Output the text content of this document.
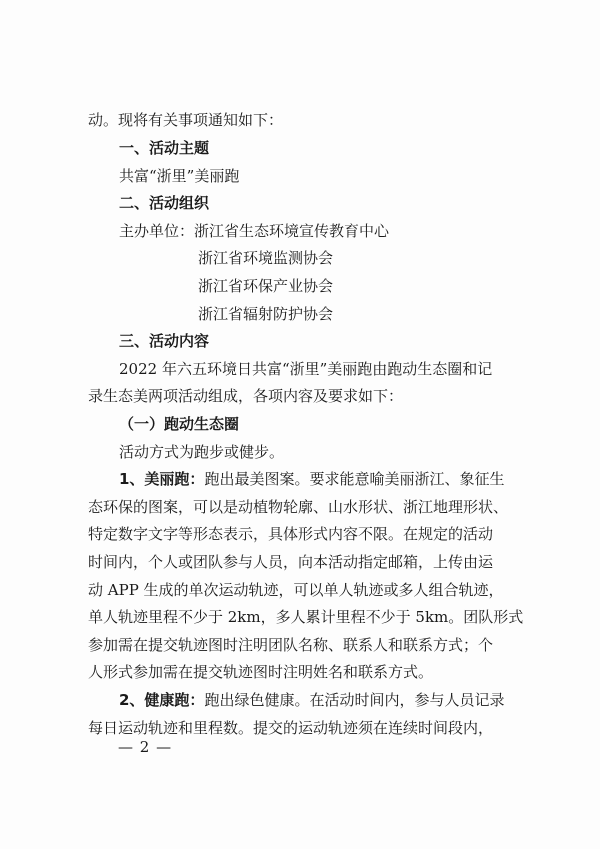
动。现将有关事项通知如下：
一、活动主题
共富“浙里”美丽跑
二、活动组织
主办单位：浙江省生态环境宣传教育中心
浙江省环境监测协会
浙江省环保产业协会
浙江省辐射防护协会
三、活动内容
2022 年六五环境日共富“浙里”美丽跑由跑动生态圈和记
录生态美两项活动组成，各项内容及要求如下：
（一）跑动生态圈
活动方式为跑步或健步。
1、美丽跑：跑出最美图案。要求能意喻美丽浙江、象征生
态环保的图案，可以是动植物轮廓、山水形状、浙江地理形状、
特定数字文字等形态表示，具体形式内容不限。在规定的活动
时间内，个人或团队参与人员，向本活动指定邮箱，上传由运
动 APP 生成的单次运动轨迹，可以单人轨迹或多人组合轨迹，
单人轨迹里程不少于 2km，多人累计里程不少于 5km。团队形式
参加需在提交轨迹图时注明团队名称、联系人和联系方式；个
人形式参加需在提交轨迹图时注明姓名和联系方式。
2、健康跑：跑出绿色健康。在活动时间内，参与人员记录
每日运动轨迹和里程数。提交的运动轨迹须在连续时间段内，
— 2 —
